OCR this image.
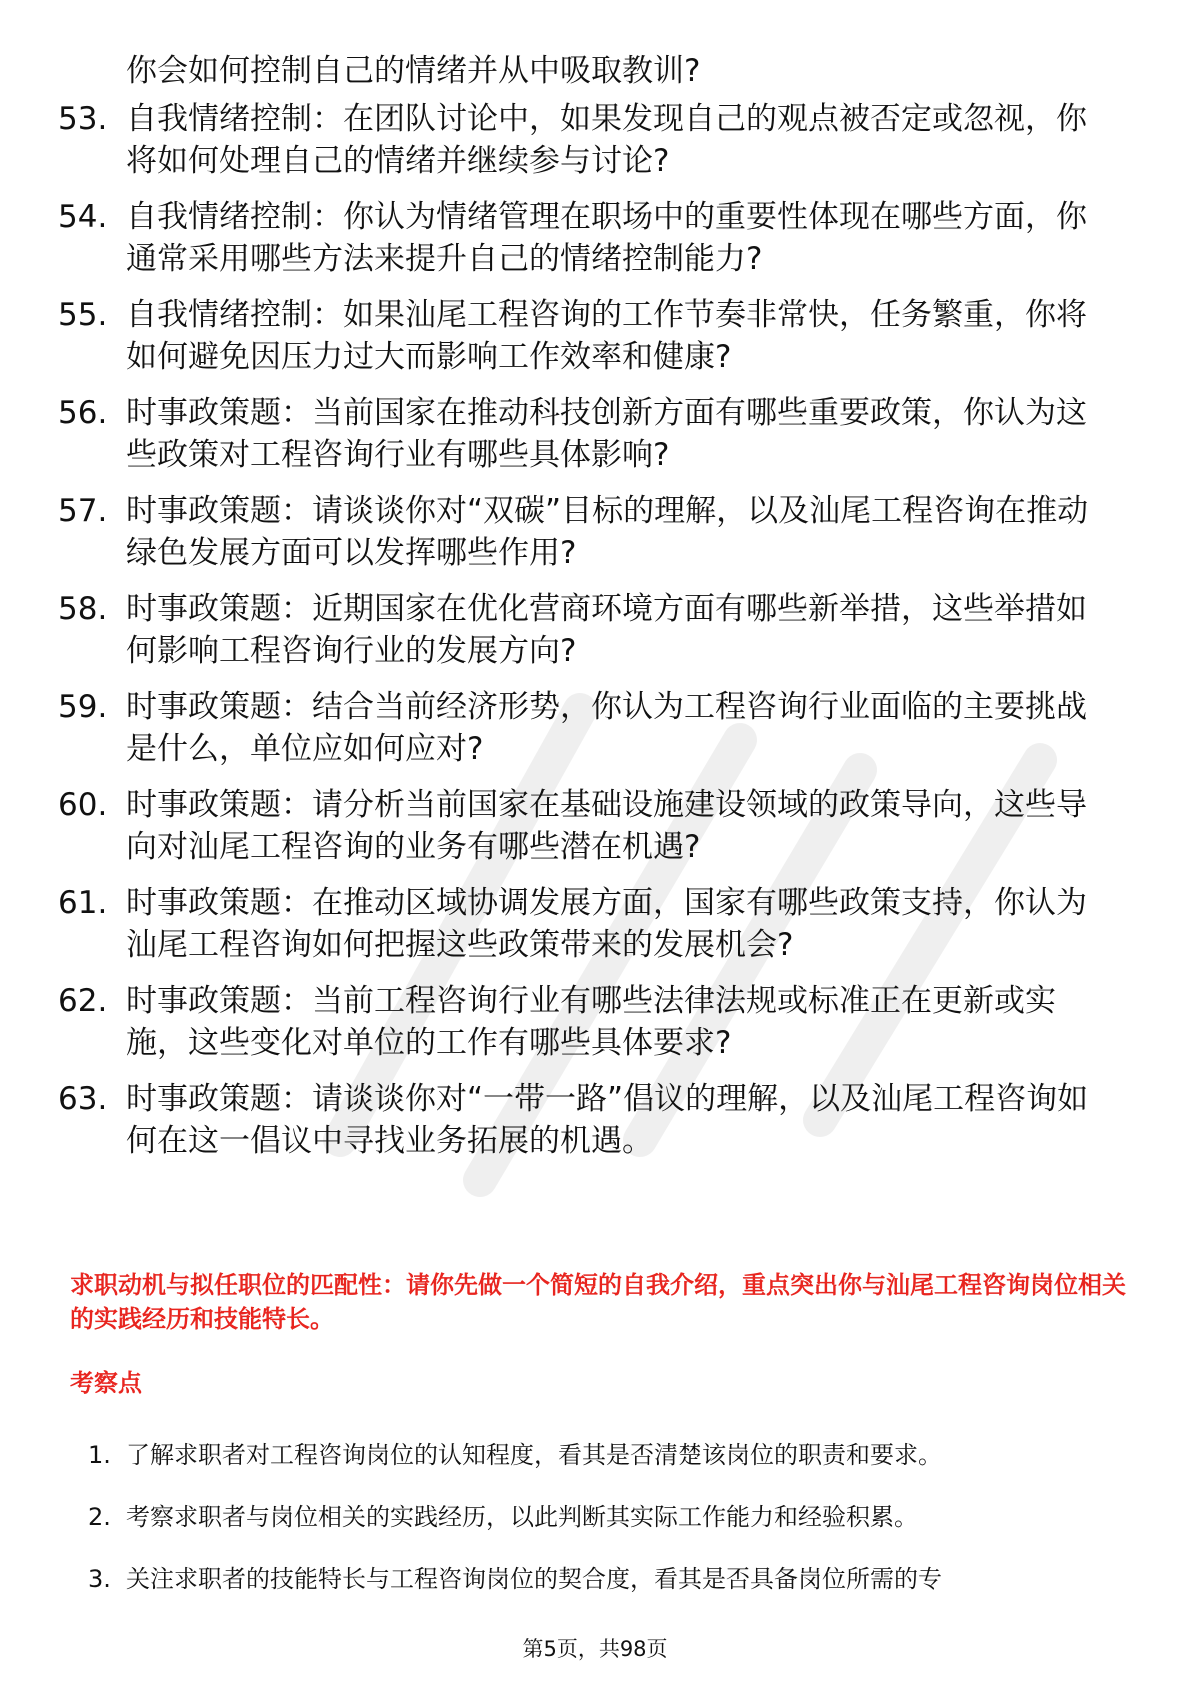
你会如何控制自己的情绪并从中吸取教训?

53. 自我情绪控制：在团队讨论中，如果发现自己的观点被否定或忽视，你将如何处理自己的情绪并继续参与讨论?
54. 自我情绪控制：你认为情绪管理在职场中的重要性体现在哪些方面，你通常采用哪些方法来提升自己的情绪控制能力?
55. 自我情绪控制：如果汕尾工程咨询的工作节奏非常快，任务繁重，你将如何避免因压力过大而影响工作效率和健康?
56. 时事政策题：当前国家在推动科技创新方面有哪些重要政策，你认为这些政策对工程咨询行业有哪些具体影响?
57. 时事政策题：请谈谈你对“双碳”目标的理解，以及汕尾工程咨询在推动绿色发展方面可以发挥哪些作用?
58. 时事政策题：近期国家在优化营商环境方面有哪些新举措，这些举措如何影响工程咨询行业的发展方向?
59. 时事政策题：结合当前经济形势，你认为工程咨询行业面临的主要挑战是什么，单位应如何应对?
60. 时事政策题：请分析当前国家在基础设施建设领域的政策导向，这些导向对汕尾工程咨询的业务有哪些潜在机遇?
61. 时事政策题：在推动区域协调发展方面，国家有哪些政策支持，你认为汕尾工程咨询如何把握这些政策带来的发展机会?
62. 时事政策题：当前工程咨询行业有哪些法律法规或标准正在更新或实施，这些变化对单位的工作有哪些具体要求?
63. 时事政策题：请谈谈你对“一带一路”倡议的理解，以及汕尾工程咨询如何在这一倡议中寻找业务拓展的机遇。

求职动机与拟任职位的匹配性：请你先做一个简短的自我介绍，重点突出你与汕尾工程咨询岗位相关的实践经历和技能特长。

考察点

1. 了解求职者对工程咨询岗位的认知程度，看其是否清楚该岗位的职责和要求。
2. 考察求职者与岗位相关的实践经历，以此判断其实际工作能力和经验积累。
3. 关注求职者的技能特长与工程咨询岗位的契合度，看其是否具备岗位所需的专
第5页，共98页
